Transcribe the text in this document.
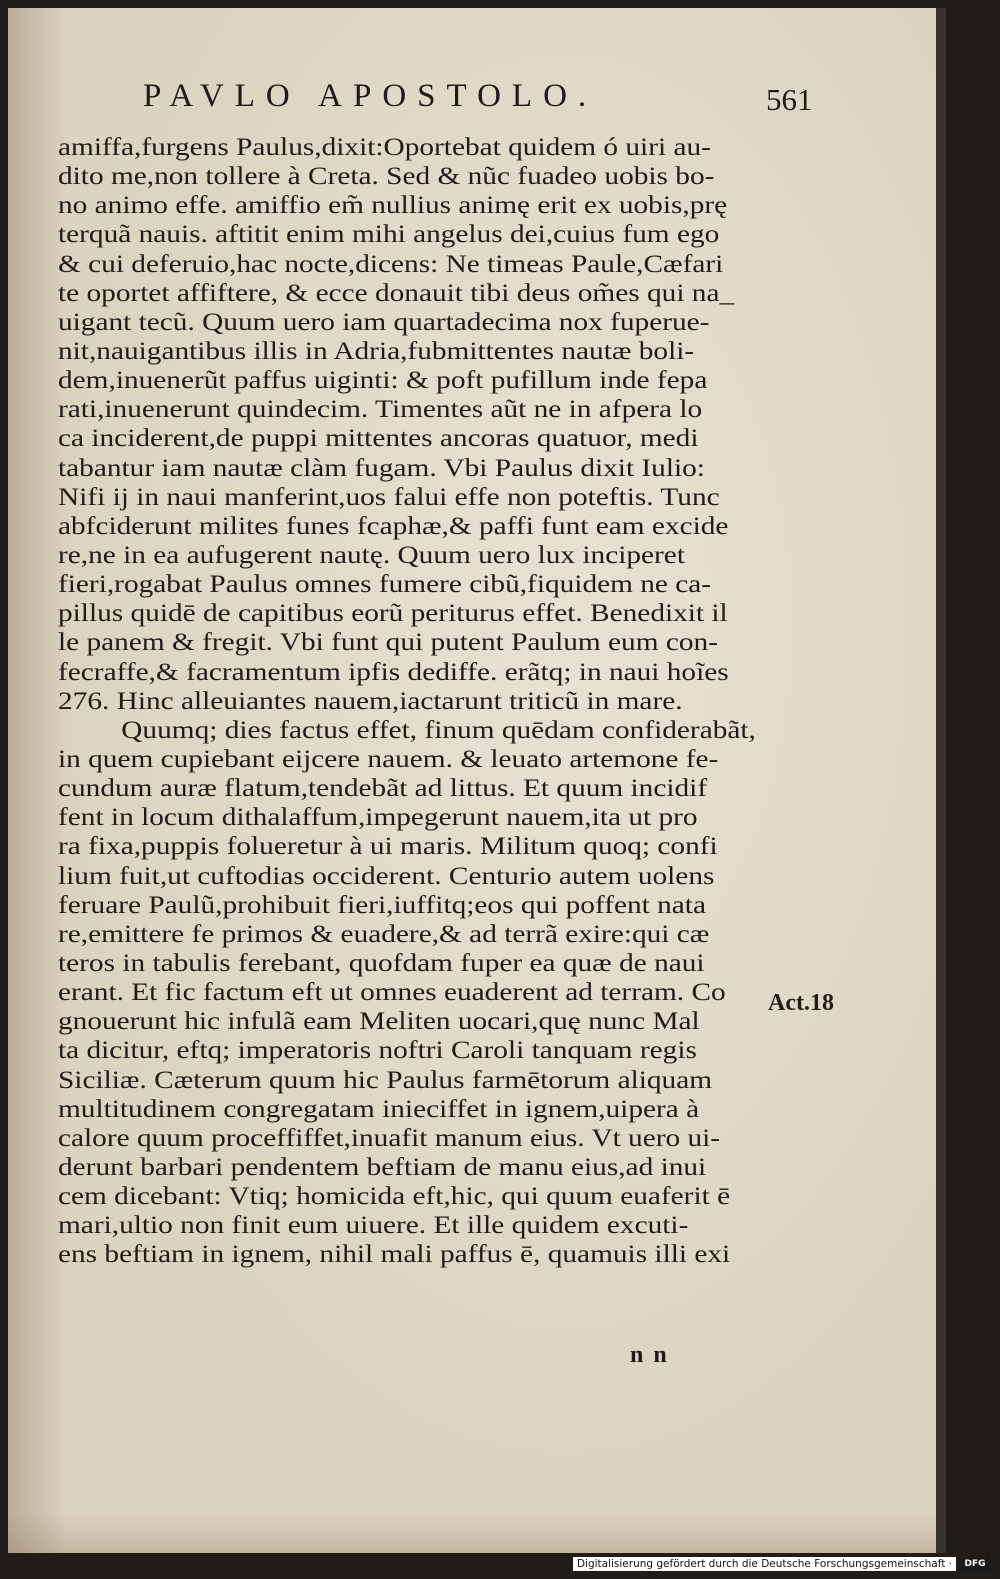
PAVLO APOSTOLO.	561
amiffa,furgens Paulus,dixit:Oportebat quidem ó uiri au-
dito me,non tollere à Creta. Sed & nũc fuadeo uobis bo-
no animo effe. amiffio em̃ nullius animę erit ex uobis,prę
terquã nauis. aftitit enim mihi angelus dei,cuius fum ego
& cui deferuio,hac nocte,dicens: Ne timeas Paule,Cæfari
te oportet affiftere, & ecce donauit tibi deus om̃es qui na_
uigant tecũ. Quum uero iam quartadecima nox fuperue-
nit,nauigantibus illis in Adria,fubmittentes nautæ boli-
dem,inuenerũt paffus uiginti: & poft pufillum inde fepa
rati,inuenerunt quindecim. Timentes aũt ne in afpera lo
ca inciderent,de puppi mittentes ancoras quatuor, medi
tabantur iam nautæ clàm fugam. Vbi Paulus dixit Iulio:
Nifi ij in naui manferint,uos falui effe non poteftis. Tunc
abfciderunt milites funes fcaphæ,& paffi funt eam excide
re,ne in ea aufugerent nautę. Quum uero lux inciperet
fieri,rogabat Paulus omnes fumere cibũ,fiquidem ne ca-
pillus quidē de capitibus eorũ periturus effet. Benedixit il
le panem & fregit. Vbi funt qui putent Paulum eum con-
fecraffe,& facramentum ipfis dediffe. erãtq; in naui hoĩes
276. Hinc alleuiantes nauem,iactarunt triticũ in mare.
Quumq; dies factus effet, finum quēdam confiderabãt,
in quem cupiebant eijcere nauem. & leuato artemone fe-
cundum auræ flatum,tendebãt ad littus. Et quum incidif
fent in locum dithalaffum,impegerunt nauem,ita ut pro
ra fixa,puppis folueretur à ui maris. Militum quoq; confi
lium fuit,ut cuftodias occiderent. Centurio autem uolens
feruare Paulũ,prohibuit fieri,iuffitq;eos qui poffent nata
re,emittere fe primos & euadere,& ad terrã exire:qui cæ
teros in tabulis ferebant, quofdam fuper ea quæ de naui
erant. Et fic factum eft ut omnes euaderent ad terram. Co
gnouerunt hic infulã eam Meliten uocari,quę nunc Mal
ta dicitur, eftq; imperatoris noftri Caroli tanquam regis
Siciliæ. Cæterum quum hic Paulus farmētorum aliquam
multitudinem congregatam inieciffet in ignem,uipera à
calore quum proceffiffet,inuafit manum eius. Vt uero ui-
derunt barbari pendentem beftiam de manu eius,ad inui
cem dicebant: Vtiq; homicida eft,hic, qui quum euaferit ē
mari,ultio non finit eum uiuere. Et ille quidem excuti-
ens beftiam in ignem, nihil mali paffus ē, quamuis illi exi
Act.18
n n
Digitalisierung gefördert durch die Deutsche Forschungsgemeinschaft ·	DFG
